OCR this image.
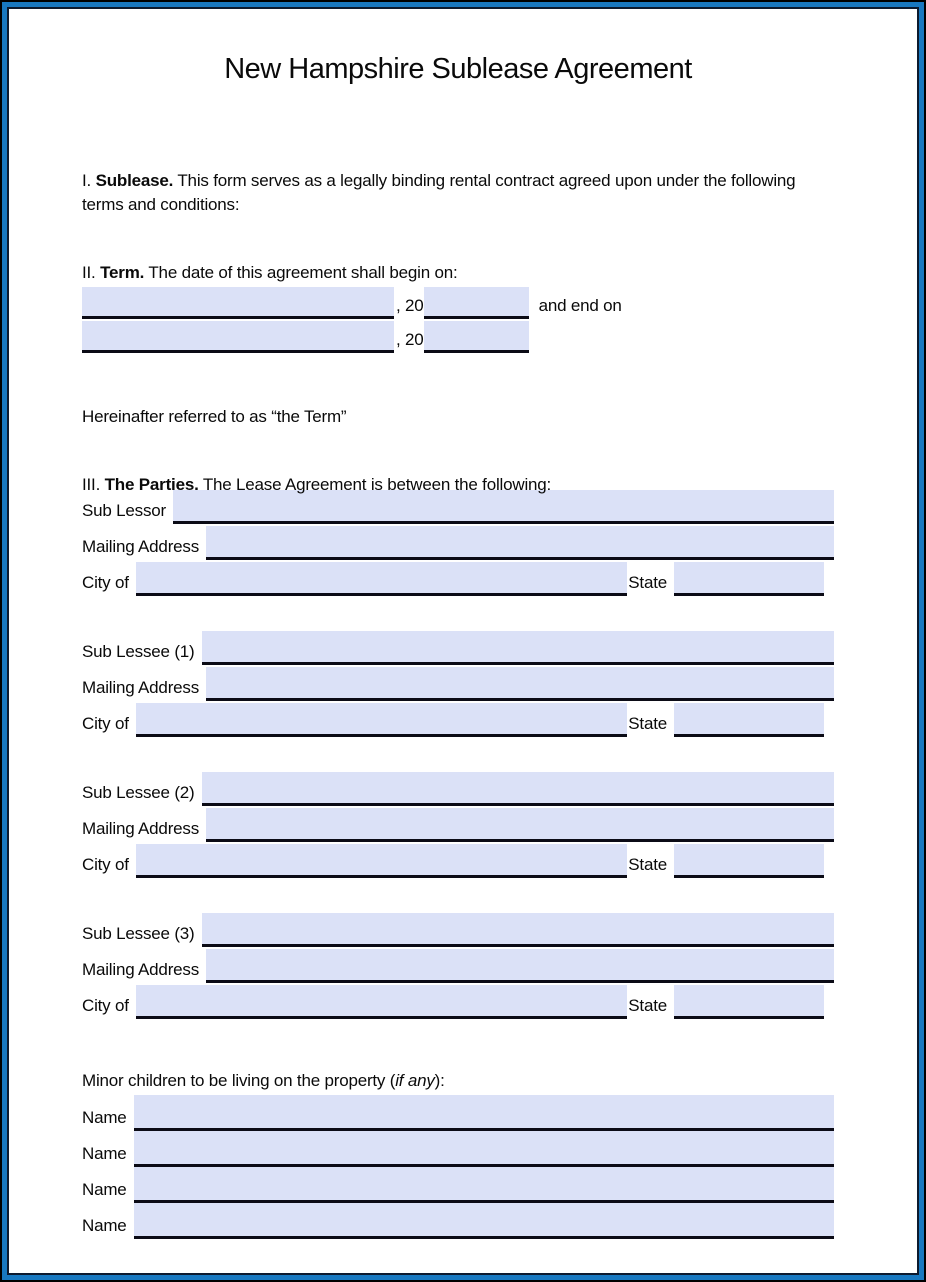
New Hampshire Sublease Agreement

I. Sublease. This form serves as a legally binding rental contract agreed upon under the following terms and conditions:

II. Term. The date of this agreement shall begin on:

, 20	and end on
, 20

Hereinafter referred to as “the Term”

III. The Parties. The Lease Agreement is between the following:

Sub Lessor
Mailing Address
City of	State
Sub Lessee (1)
Mailing Address
City of	State
Sub Lessee (2)
Mailing Address
City of	State
Sub Lessee (3)
Mailing Address
City of	State

Minor children to be living on the property (if any):

Name
Name
Name
Name
